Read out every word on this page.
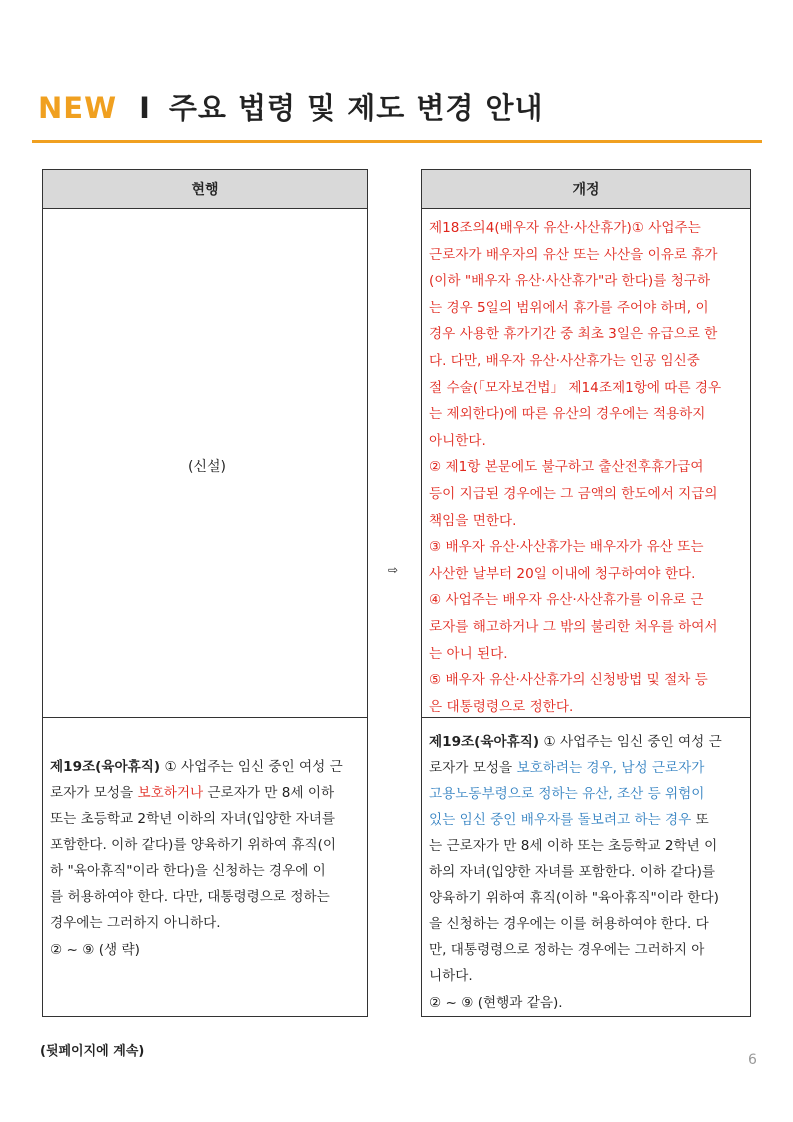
NEW I 주요 법령 및 제도 변경 안내
현행	개정
(신설)
⇨
제18조의4(배우자 유산·사산휴가)① 사업주는
근로자가 배우자의 유산 또는 사산을 이유로 휴가
(이하 "배우자 유산·사산휴가"라 한다)를 청구하
는 경우 5일의 범위에서 휴가를 주어야 하며, 이
경우 사용한 휴가기간 중 최초 3일은 유급으로 한
다. 다만, 배우자 유산·사산휴가는 인공 임신중
절 수술(「모자보건법」 제14조제1항에 따른 경우
는 제외한다)에 따른 유산의 경우에는 적용하지
아니한다.
② 제1항 본문에도 불구하고 출산전후휴가급여
등이 지급된 경우에는 그 금액의 한도에서 지급의
책임을 면한다.
③ 배우자 유산·사산휴가는 배우자가 유산 또는
사산한 날부터 20일 이내에 청구하여야 한다.
④ 사업주는 배우자 유산·사산휴가를 이유로 근
로자를 해고하거나 그 밖의 불리한 처우를 하여서
는 아니 된다.
⑤ 배우자 유산·사산휴가의 신청방법 및 절차 등
은 대통령령으로 정한다.
제19조(육아휴직) ① 사업주는 임신 중인 여성 근
로자가 모성을 보호하거나 근로자가 만 8세 이하
또는 초등학교 2학년 이하의 자녀(입양한 자녀를
포함한다. 이하 같다)를 양육하기 위하여 휴직(이
하 "육아휴직"이라 한다)을 신청하는 경우에 이
를 허용하여야 한다. 다만, 대통령령으로 정하는
경우에는 그러하지 아니하다.
② ~ ⑨ (생 략)
제19조(육아휴직) ① 사업주는 임신 중인 여성 근
로자가 모성을 보호하려는 경우, 남성 근로자가
고용노동부령으로 정하는 유산, 조산 등 위험이
있는 임신 중인 배우자를 돌보려고 하는 경우 또
는 근로자가 만 8세 이하 또는 초등학교 2학년 이
하의 자녀(입양한 자녀를 포함한다. 이하 같다)를
양육하기 위하여 휴직(이하 "육아휴직"이라 한다)
을 신청하는 경우에는 이를 허용하여야 한다. 다
만, 대통령령으로 정하는 경우에는 그러하지 아
니하다.
② ~ ⑨ (현행과 같음).
(뒷페이지에 계속)
6
